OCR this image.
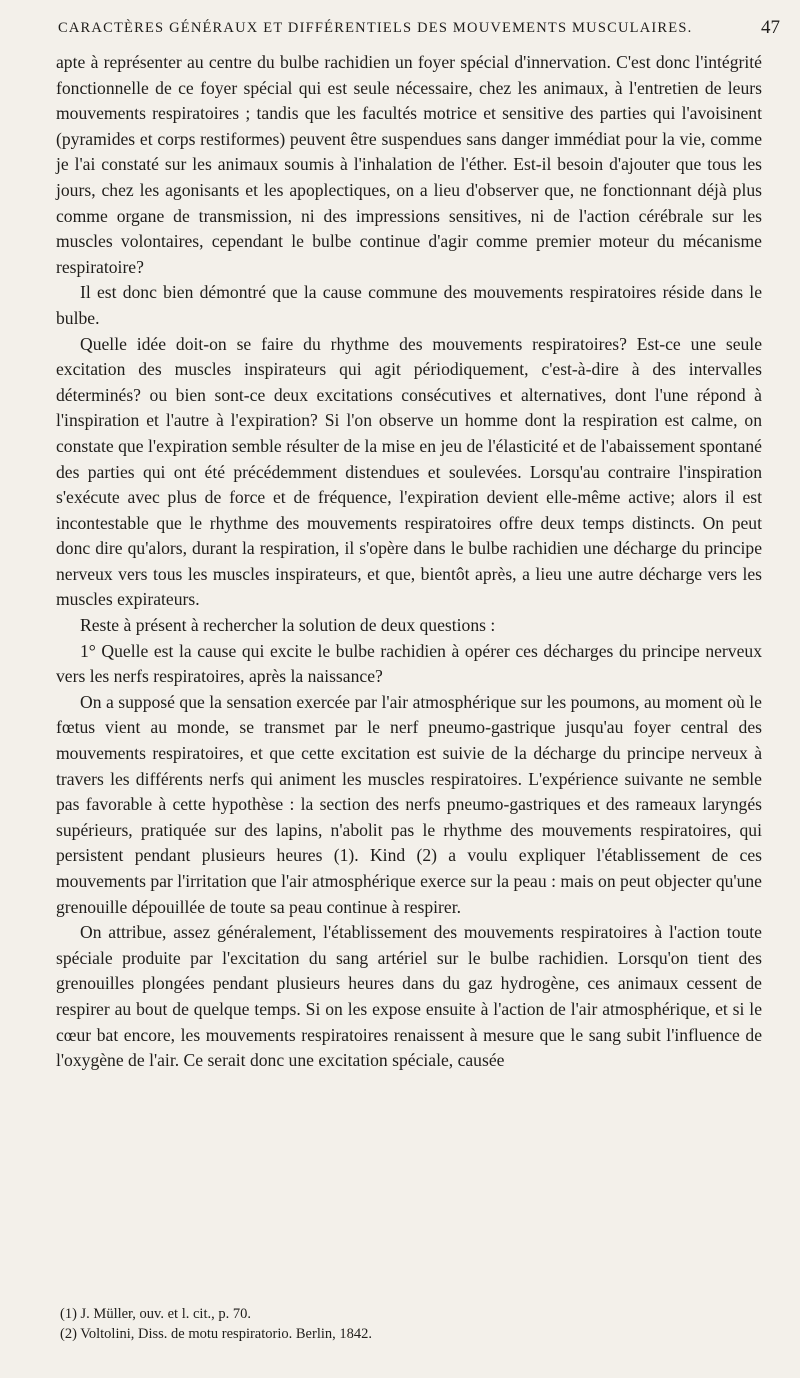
CARACTÈRES GÉNÉRAUX ET DIFFÉRENTIELS DES MOUVEMENTS MUSCULAIRES.	47

apte à représenter au centre du bulbe rachidien un foyer spécial d'innervation. C'est donc l'intégrité fonctionnelle de ce foyer spécial qui est seule nécessaire, chez les animaux, à l'entretien de leurs mouvements respiratoires ; tandis que les facultés motrice et sensitive des parties qui l'avoisinent (pyramides et corps restiformes) peuvent être suspendues sans danger immédiat pour la vie, comme je l'ai constaté sur les animaux soumis à l'inhalation de l'éther. Est-il besoin d'ajouter que tous les jours, chez les agonisants et les apoplectiques, on a lieu d'observer que, ne fonctionnant déjà plus comme organe de transmission, ni des impressions sensitives, ni de l'action cérébrale sur les muscles volontaires, cependant le bulbe continue d'agir comme premier moteur du mécanisme respiratoire?

Il est donc bien démontré que la cause commune des mouvements respiratoires réside dans le bulbe.

Quelle idée doit-on se faire du rhythme des mouvements respiratoires? Est-ce une seule excitation des muscles inspirateurs qui agit périodiquement, c'est-à-dire à des intervalles déterminés? ou bien sont-ce deux excitations consécutives et alternatives, dont l'une répond à l'inspiration et l'autre à l'expiration? Si l'on observe un homme dont la respiration est calme, on constate que l'expiration semble résulter de la mise en jeu de l'élasticité et de l'abaissement spontané des parties qui ont été précédemment distendues et soulevées. Lorsqu'au contraire l'inspiration s'exécute avec plus de force et de fréquence, l'expiration devient elle-même active; alors il est incontestable que le rhythme des mouvements respiratoires offre deux temps distincts. On peut donc dire qu'alors, durant la respiration, il s'opère dans le bulbe rachidien une décharge du principe nerveux vers tous les muscles inspirateurs, et que, bientôt après, a lieu une autre décharge vers les muscles expirateurs.

Reste à présent à rechercher la solution de deux questions :

1° Quelle est la cause qui excite le bulbe rachidien à opérer ces décharges du principe nerveux vers les nerfs respiratoires, après la naissance?

On a supposé que la sensation exercée par l'air atmosphérique sur les poumons, au moment où le fœtus vient au monde, se transmet par le nerf pneumo-gastrique jusqu'au foyer central des mouvements respiratoires, et que cette excitation est suivie de la décharge du principe nerveux à travers les différents nerfs qui animent les muscles respiratoires. L'expérience suivante ne semble pas favorable à cette hypothèse : la section des nerfs pneumo-gastriques et des rameaux laryngés supérieurs, pratiquée sur des lapins, n'abolit pas le rhythme des mouvements respiratoires, qui persistent pendant plusieurs heures (1). Kind (2) a voulu expliquer l'établissement de ces mouvements par l'irritation que l'air atmosphérique exerce sur la peau : mais on peut objecter qu'une grenouille dépouillée de toute sa peau continue à respirer.

On attribue, assez généralement, l'établissement des mouvements respiratoires à l'action toute spéciale produite par l'excitation du sang artériel sur le bulbe rachidien. Lorsqu'on tient des grenouilles plongées pendant plusieurs heures dans du gaz hydrogène, ces animaux cessent de respirer au bout de quelque temps. Si on les expose ensuite à l'action de l'air atmosphérique, et si le cœur bat encore, les mouvements respiratoires renaissent à mesure que le sang subit l'influence de l'oxygène de l'air. Ce serait donc une excitation spéciale, causée

(1) J. Müller, ouv. et l. cit., p. 70.
(2) Voltolini, Diss. de motu respiratorio. Berlin, 1842.
